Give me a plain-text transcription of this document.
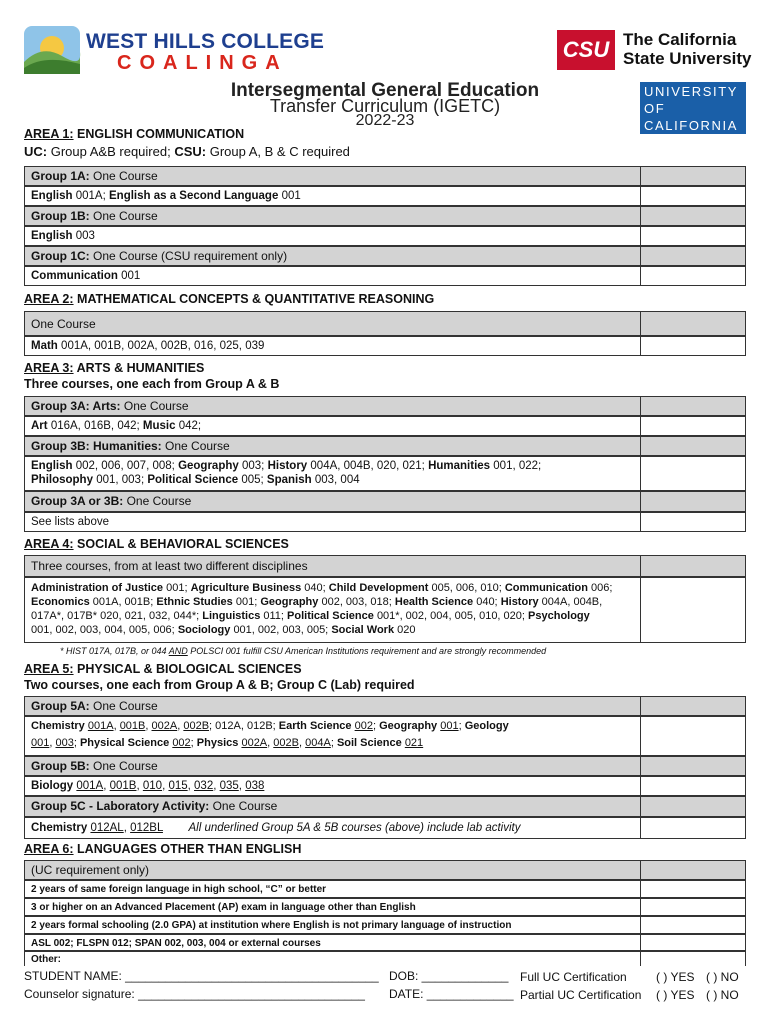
WEST HILLS COLLEGE
COALINGA
CSU The California
State University
UNIVERSITY
OF
CALIFORNIA
Intersegmental General Education
Transfer Curriculum (IGETC)
2022-23
AREA 1: ENGLISH COMMUNICATION
UC: Group A&B required; CSU: Group A, B & C required
Group 1A: One Course
English 001A; English as a Second Language 001
Group 1B: One Course
English 003
Group 1C: One Course (CSU requirement only)
Communication 001
AREA 2: MATHEMATICAL CONCEPTS & QUANTITATIVE REASONING
One Course
Math 001A, 001B, 002A, 002B, 016, 025, 039
AREA 3: ARTS & HUMANITIES
Three courses, one each from Group A & B
Group 3A: Arts: One Course
Art 016A, 016B, 042; Music 042;
Group 3B: Humanities: One Course
English 002, 006, 007, 008; Geography 003; History 004A, 004B, 020, 021; Humanities 001, 022;
Philosophy 001, 003; Political Science 005; Spanish 003, 004
Group 3A or 3B: One Course
See lists above
AREA 4: SOCIAL & BEHAVIORAL SCIENCES
Three courses, from at least two different disciplines
Administration of Justice 001; Agriculture Business 040; Child Development 005, 006, 010; Communication 006;
Economics 001A, 001B; Ethnic Studies 001; Geography 002, 003, 018; Health Science 040; History 004A, 004B,
017A*, 017B* 020, 021, 032, 044*; Linguistics 011; Political Science 001*, 002, 004, 005, 010, 020; Psychology
001, 002, 003, 004, 005, 006; Sociology 001, 002, 003, 005; Social Work 020
* HIST 017A, 017B, or 044 AND POLSCI 001 fulfill CSU American Institutions requirement and are strongly recommended
AREA 5: PHYSICAL & BIOLOGICAL SCIENCES
Two courses, one each from Group A & B; Group C (Lab) required
Group 5A: One Course
Chemistry 001A, 001B, 002A, 002B; 012A, 012B; Earth Science 002; Geography 001; Geology
001, 003; Physical Science 002; Physics 002A, 002B, 004A; Soil Science 021
Group 5B: One Course
Biology 001A, 001B, 010, 015, 032, 035, 038
Group 5C - Laboratory Activity: One Course
Chemistry 012AL, 012BL All underlined Group 5A & 5B courses (above) include lab activity
AREA 6: LANGUAGES OTHER THAN ENGLISH
(UC requirement only)
2 years of same foreign language in high school, “C” or better
3 or higher on an Advanced Placement (AP) exam in language other than English
2 years formal schooling (2.0 GPA) at institution where English is not primary language of instruction
ASL 002; FLSPN 012; SPAN 002, 003, 004 or external courses
Other:
STUDENT NAME: ______________________________________
Counselor signature: __________________________________
DOB: _____________
DATE: _____________
Full UC Certification
Partial UC Certification
( ) YES ( ) NO
( ) YES ( ) NO
